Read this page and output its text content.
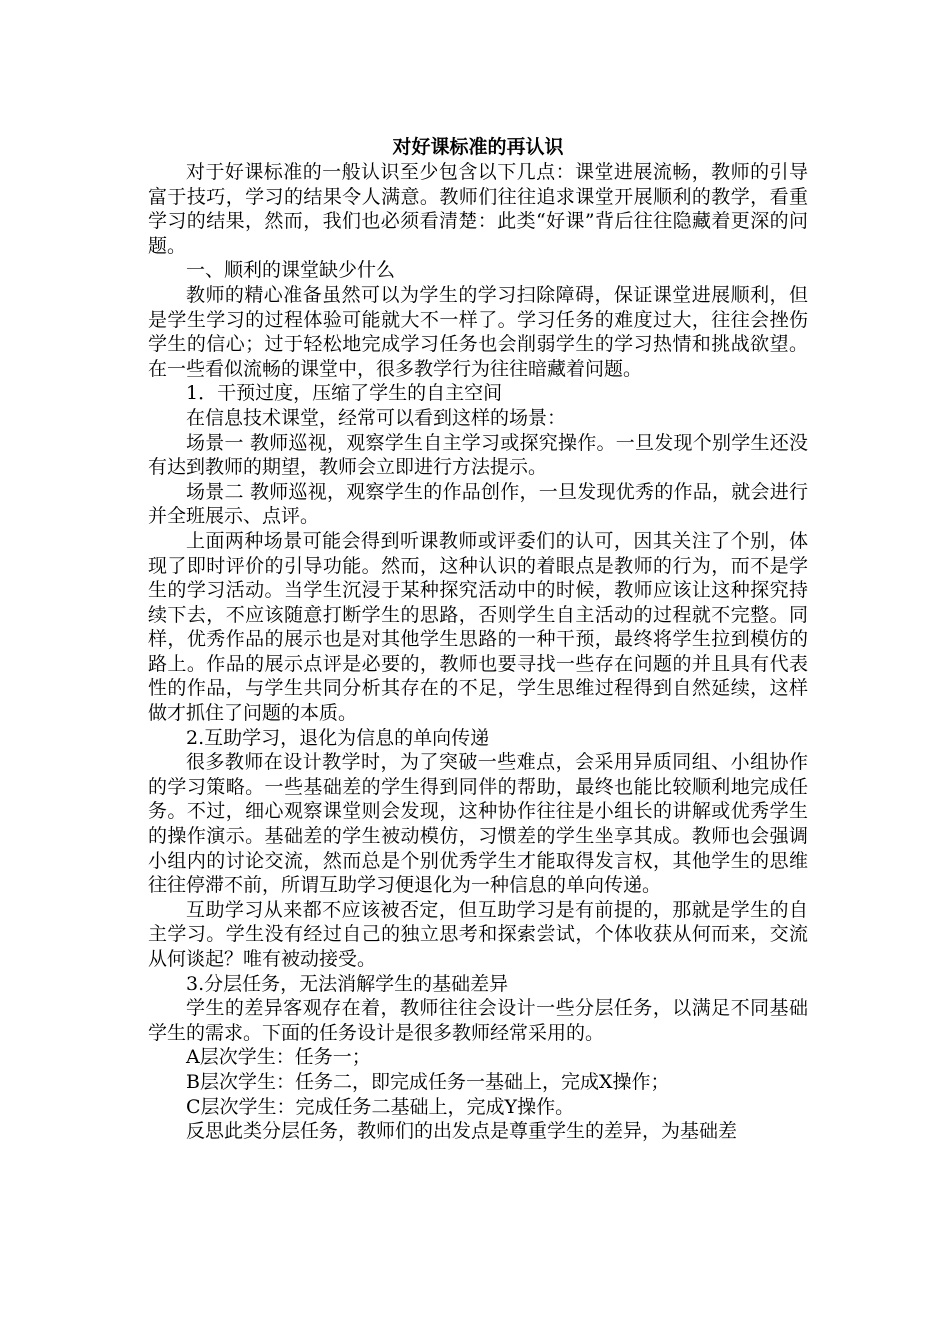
对好课标准的再认识

对于好课标准的一般认识至少包含以下几点：课堂进展流畅，教师的引导富于技巧，学习的结果令人满意。教师们往往追求课堂开展顺利的教学，看重学习的结果，然而，我们也必须看清楚：此类“好课”背后往往隐藏着更深的问题。

一、顺利的课堂缺少什么

教师的精心准备虽然可以为学生的学习扫除障碍，保证课堂进展顺利，但是学生学习的过程体验可能就大不一样了。学习任务的难度过大，往往会挫伤学生的信心；过于轻松地完成学习任务也会削弱学生的学习热情和挑战欲望。在一些看似流畅的课堂中，很多教学行为往往暗藏着问题。

1．干预过度，压缩了学生的自主空间

在信息技术课堂，经常可以看到这样的场景：

场景一 教师巡视，观察学生自主学习或探究操作。一旦发现个别学生还没有达到教师的期望，教师会立即进行方法提示。

场景二 教师巡视，观察学生的作品创作，一旦发现优秀的作品，就会进行并全班展示、点评。

上面两种场景可能会得到听课教师或评委们的认可，因其关注了个别，体现了即时评价的引导功能。然而，这种认识的着眼点是教师的行为，而不是学生的学习活动。当学生沉浸于某种探究活动中的时候，教师应该让这种探究持续下去，不应该随意打断学生的思路，否则学生自主活动的过程就不完整。同样，优秀作品的展示也是对其他学生思路的一种干预，最终将学生拉到模仿的路上。作品的展示点评是必要的，教师也要寻找一些存在问题的并且具有代表性的作品，与学生共同分析其存在的不足，学生思维过程得到自然延续，这样做才抓住了问题的本质。

2.互助学习，退化为信息的单向传递

很多教师在设计教学时，为了突破一些难点，会采用异质同组、小组协作的学习策略。一些基础差的学生得到同伴的帮助，最终也能比较顺利地完成任务。不过，细心观察课堂则会发现，这种协作往往是小组长的讲解或优秀学生的操作演示。基础差的学生被动模仿，习惯差的学生坐享其成。教师也会强调小组内的讨论交流，然而总是个别优秀学生才能取得发言权，其他学生的思维往往停滞不前，所谓互助学习便退化为一种信息的单向传递。

互助学习从来都不应该被否定，但互助学习是有前提的，那就是学生的自主学习。学生没有经过自己的独立思考和探索尝试，个体收获从何而来，交流从何谈起？唯有被动接受。

3.分层任务，无法消解学生的基础差异

学生的差异客观存在着，教师往往会设计一些分层任务，以满足不同基础学生的需求。下面的任务设计是很多教师经常采用的。

A层次学生：任务一；

B层次学生：任务二，即完成任务一基础上，完成X操作；

C层次学生：完成任务二基础上，完成Y操作。

反思此类分层任务，教师们的出发点是尊重学生的差异，为基础差
